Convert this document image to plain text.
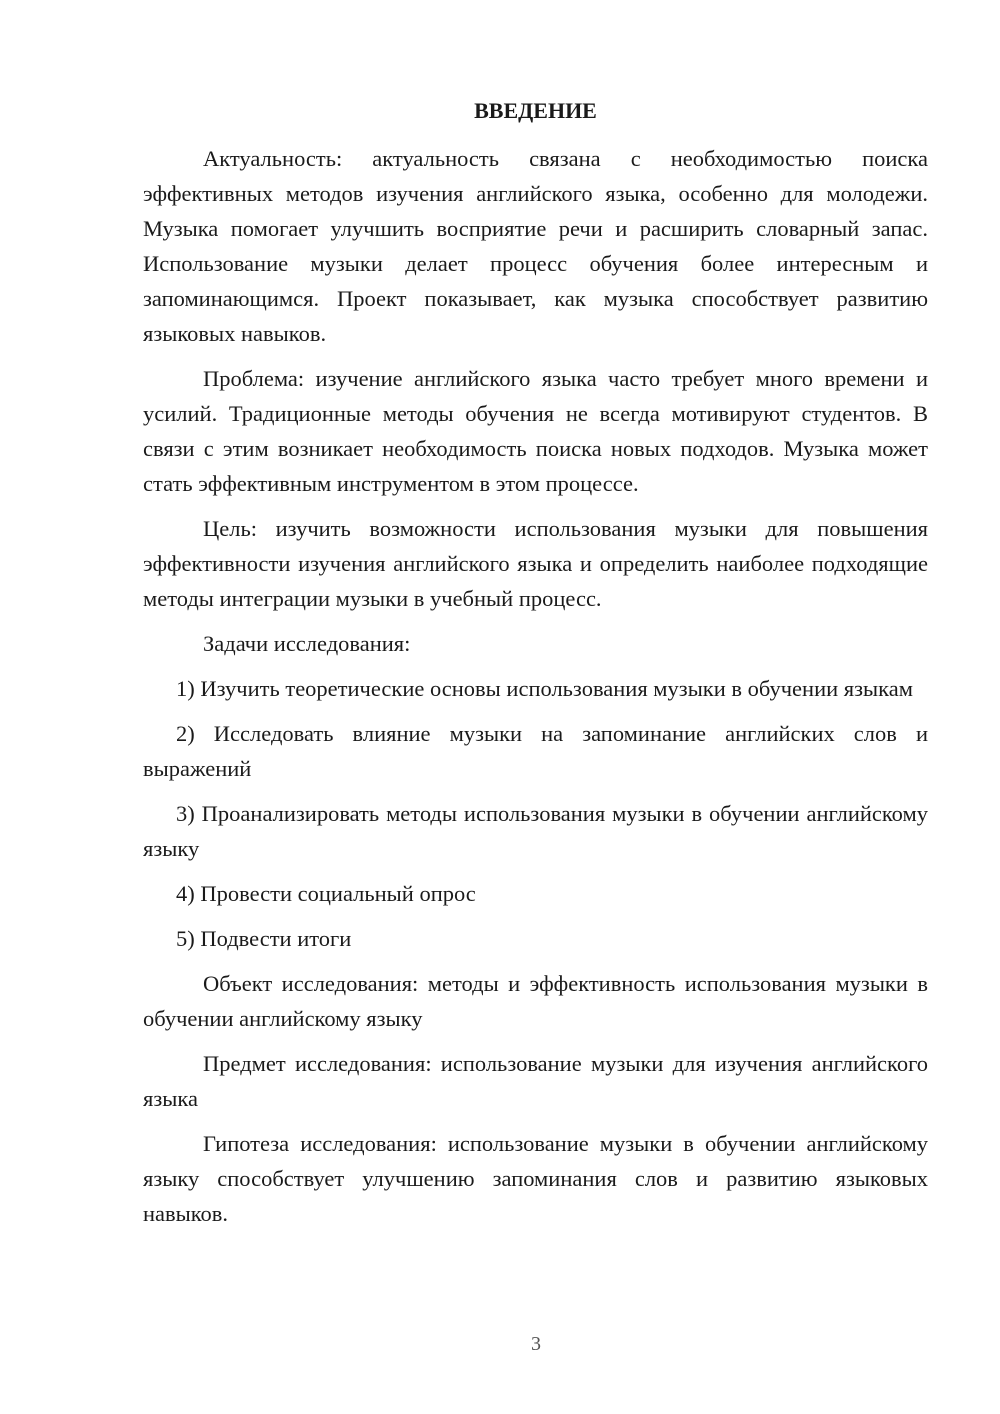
ВВЕДЕНИЕ

Актуальность: актуальность связана с необходимостью поиска эффективных методов изучения английского языка, особенно для молодежи. Музыка помогает улучшить восприятие речи и расширить словарный запас. Использование музыки делает процесс обучения более интересным и запоминающимся. Проект показывает, как музыка способствует развитию языковых навыков.

Проблема: изучение английского языка часто требует много времени и усилий. Традиционные методы обучения не всегда мотивируют студентов. В связи с этим возникает необходимость поиска новых подходов. Музыка может стать эффективным инструментом в этом процессе.

Цель: изучить возможности использования музыки для повышения эффективности изучения английского языка и определить наиболее подходящие методы интеграции музыки в учебный процесс.

Задачи исследования:

1) Изучить теоретические основы использования музыки в обучении языкам

2) Исследовать влияние музыки на запоминание английских слов и выражений

3) Проанализировать методы использования музыки в обучении английскому языку

4) Провести социальный опрос

5) Подвести итоги

Объект исследования: методы и эффективность использования музыки в обучении английскому языку

Предмет исследования: использование музыки для изучения английского языка

Гипотеза исследования: использование музыки в обучении английскому языку способствует улучшению запоминания слов и развитию языковых навыков.

3
